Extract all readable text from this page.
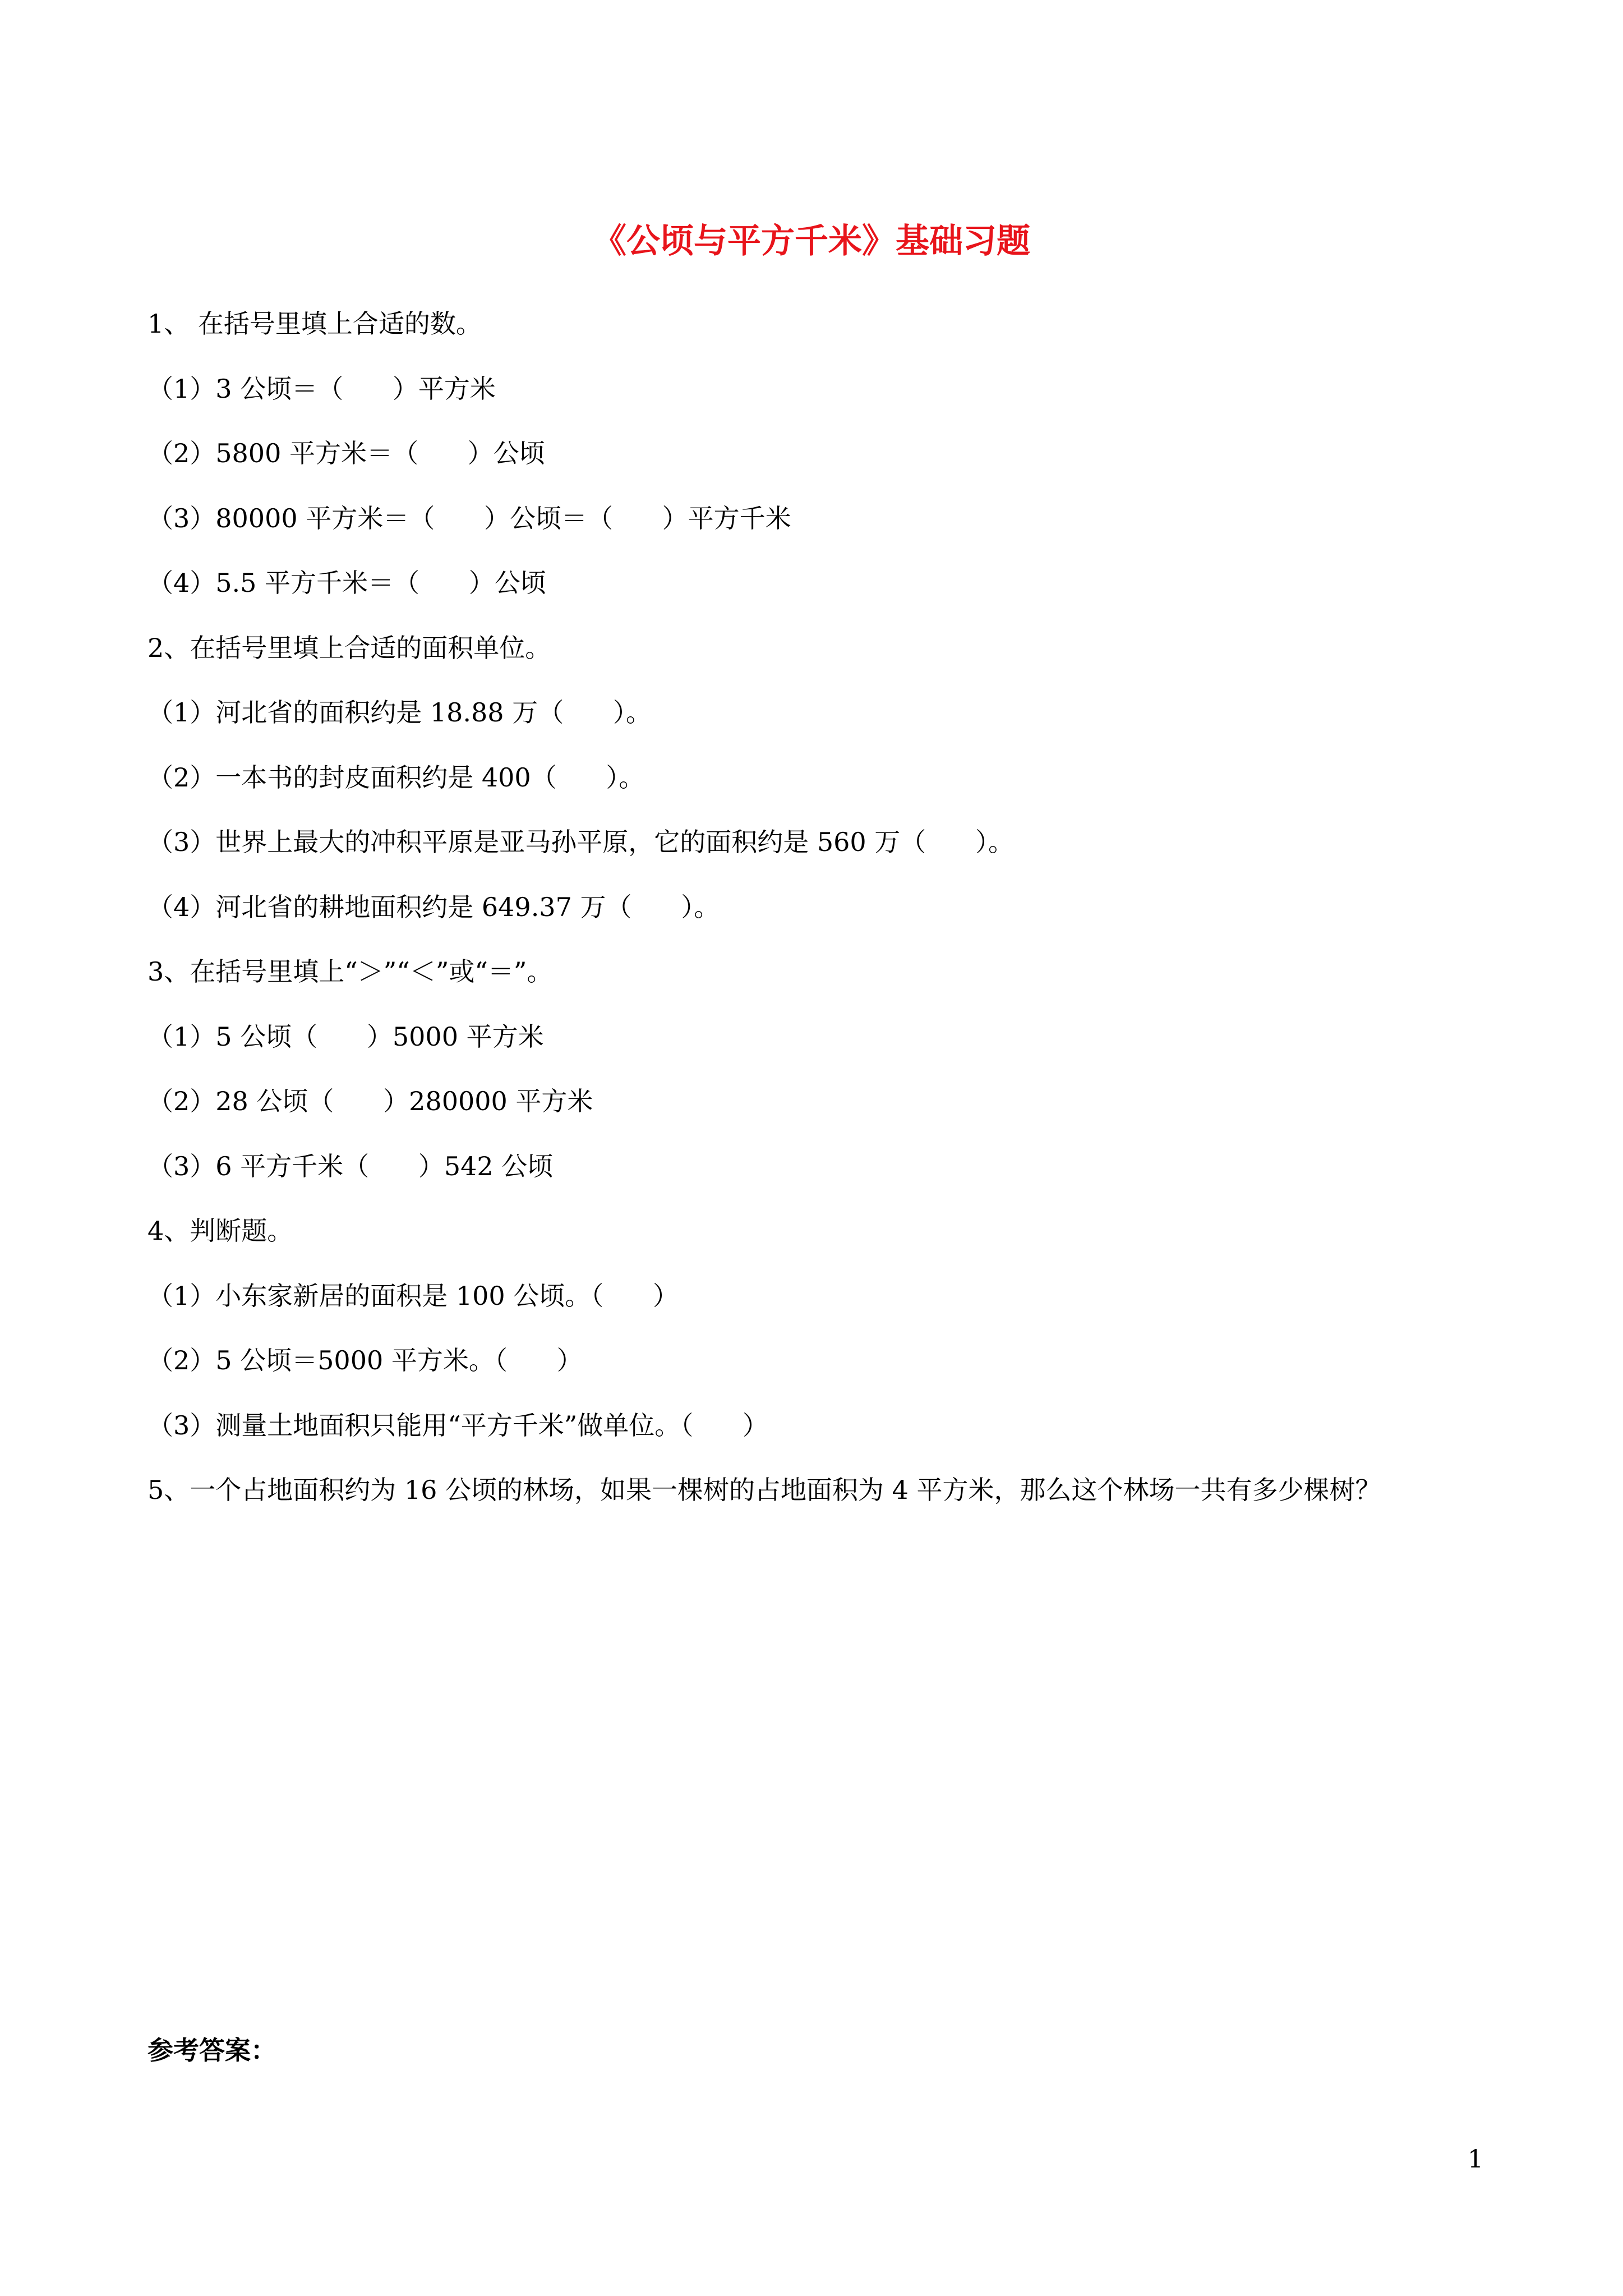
《公顷与平方千米》基础习题
1、 在括号里填上合适的数。
（1）3 公顷＝（      ）平方米
（2）5800 平方米＝（      ）公顷
（3）80000 平方米＝（      ）公顷＝（      ）平方千米
（4）5.5 平方千米＝（      ）公顷
2、在括号里填上合适的面积单位。
（1）河北省的面积约是 18.88 万（      ）。
（2）一本书的封皮面积约是 400（      ）。
（3）世界上最大的冲积平原是亚马孙平原，它的面积约是 560 万（      ）。
（4）河北省的耕地面积约是 649.37 万（      ）。
3、在括号里填上“＞”“＜”或“＝”。
（1）5 公顷（      ）5000 平方米
（2）28 公顷（      ）280000 平方米
（3）6 平方千米（      ）542 公顷
4、判断题。
（1）小东家新居的面积是 100 公顷。（      ）
（2）5 公顷＝5000 平方米。（      ）
（3）测量土地面积只能用“平方千米”做单位。（      ）
5、一个占地面积约为 16 公顷的林场，如果一棵树的占地面积为 4 平方米，那么这个林场一共有多少棵树？
参考答案：
1
